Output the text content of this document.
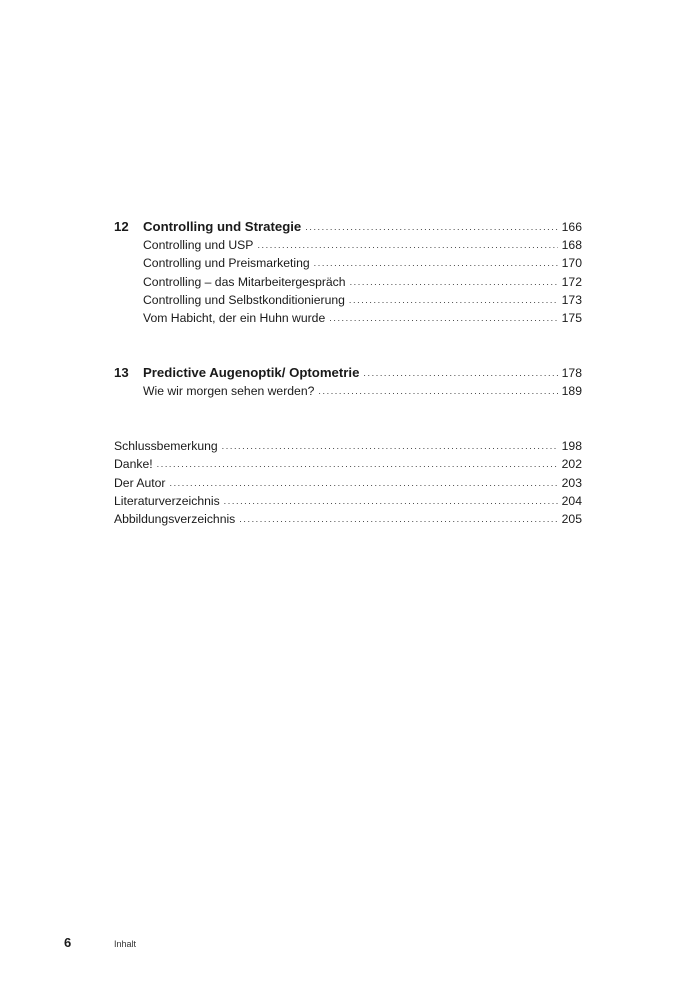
12	Controlling und Strategie .....	166
Controlling und USP .....	168
Controlling und Preismarketing .....	170
Controlling – das Mitarbeitergespräch .....	172
Controlling und Selbstkonditionierung .....	173
Vom Habicht, der ein Huhn wurde .....	175
13	Predictive Augenoptik/ Optometrie .....	178
Wie wir morgen sehen werden? .....	189
Schlussbemerkung .....	198
Danke! .....	202
Der Autor .....	203
Literaturverzeichnis .....	204
Abbildungsverzeichnis .....	205
6	Inhalt
